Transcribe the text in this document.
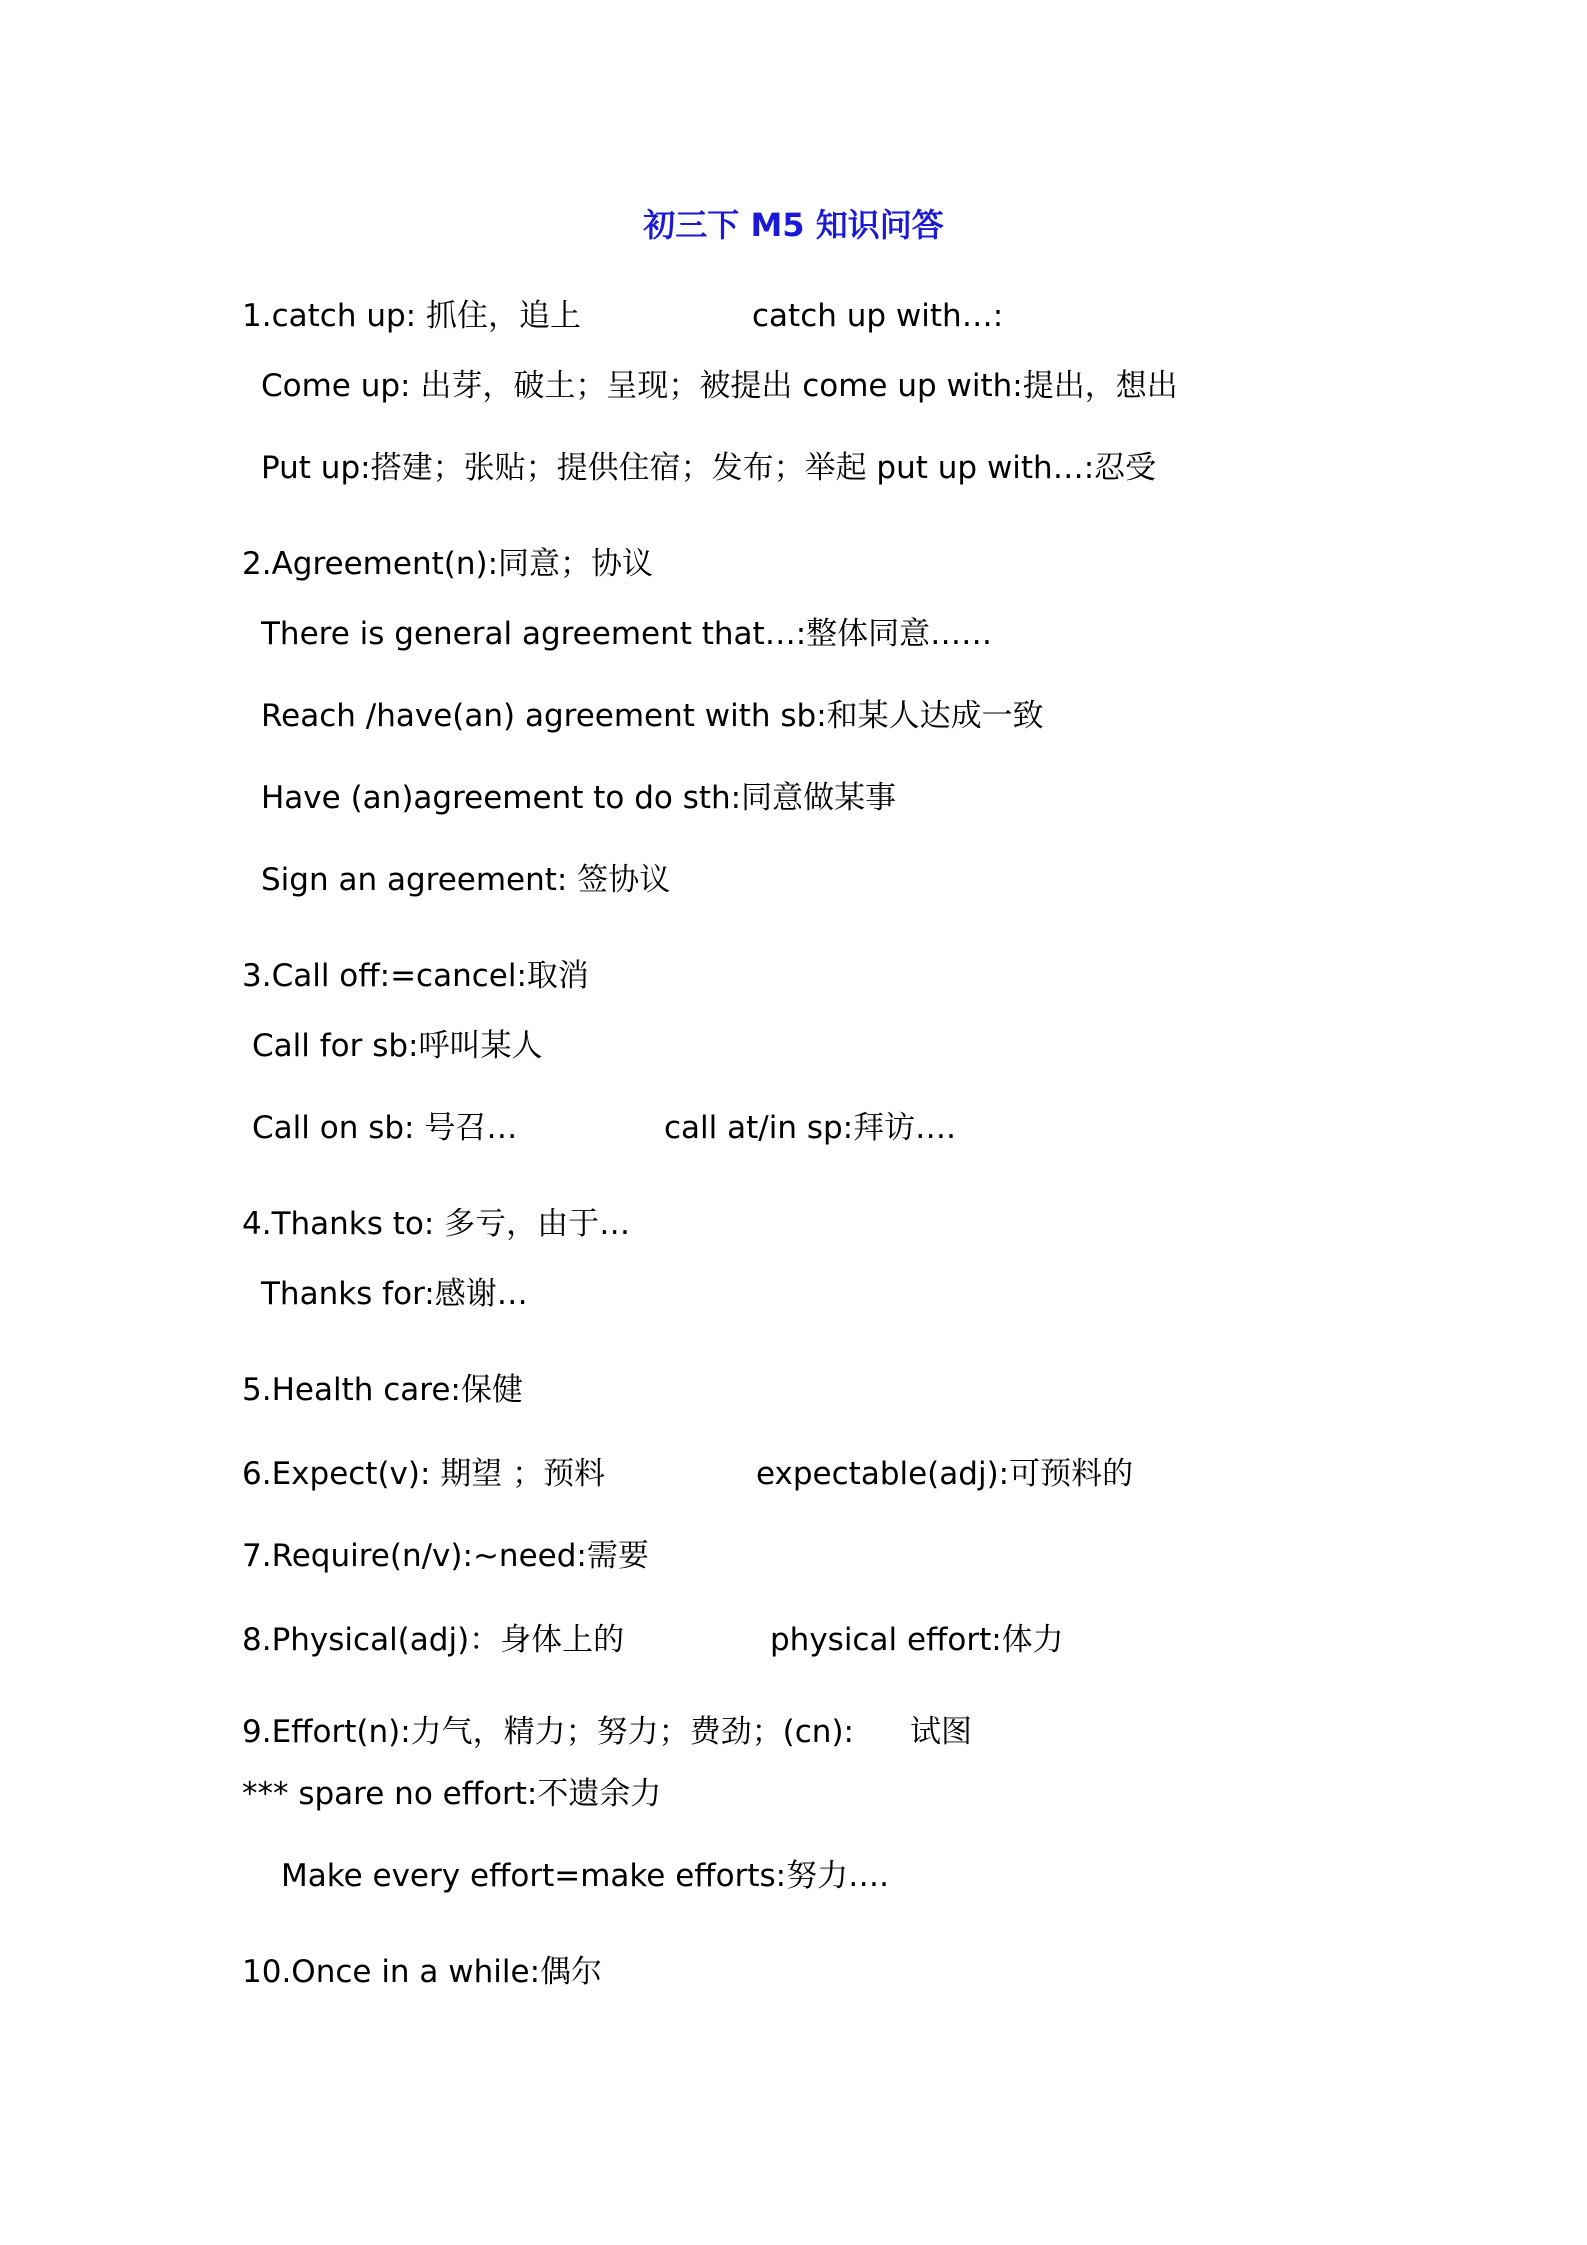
初三下 M5 知识问答
1.catch up: 抓住，追上	catch up with…:
Come up: 出芽，破土；呈现；被提出 come up with:提出，想出
Put up:搭建；张贴；提供住宿；发布；举起 put up with…:忍受
2.Agreement(n):同意；协议
There is general agreement that…:整体同意……
Reach /have(an) agreement with sb:和某人达成一致
Have (an)agreement to do sth:同意做某事
Sign an agreement: 签协议
3.Call off:=cancel:取消
Call for sb:呼叫某人
Call on sb: 号召…	call at/in sp:拜访….
4.Thanks to: 多亏，由于…
Thanks for:感谢…
5.Health care:保健
6.Expect(v): 期望 ；预料	expectable(adj):可预料的
7.Require(n/v):~need:需要
8.Physical(adj)：身体上的	physical effort:体力
9.Effort(n):力气，精力；努力；费劲；(cn): 试图
*** spare no effort:不遗余力
Make every effort=make efforts:努力….
10.Once in a while:偶尔
